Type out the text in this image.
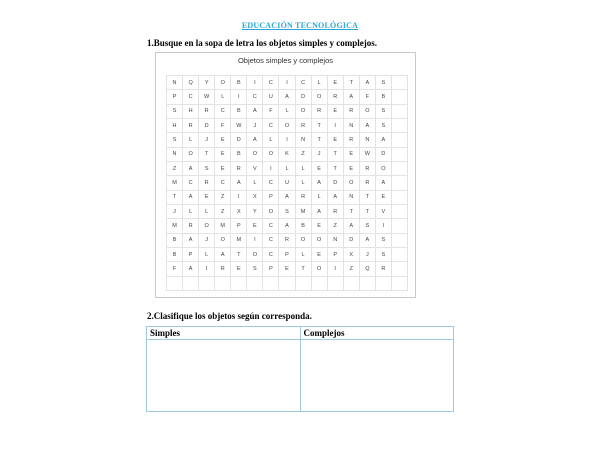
EDUCACIÓN TECNOLÓGICA
1.Busque en la sopa de letra los objetos simples y complejos.
Objetos simples y complejos
N	Q	Y	O	B	I	C	I	C	L	E	T	A	S
P	C	W	L	I	C	U	A	D	O	R	A	F	B
S	H	R	C	B	A	F	L	O	R	E	R	O	S
H	R	D	F	W	J	C	O	R	T	I	N	A	S
S	L	J	E	D	A	L	I	N	T	E	R	N	A
N	O	T	E	B	O	O	K	Z	J	T	E	W	D
Z	A	S	E	R	V	I	L	L	E	T	E	R	O
M	C	R	C	A	L	C	U	L	A	D	O	R	A
T	A	E	Z	I	X	P	A	R	L	A	N	T	E
J	L	L	Z	X	Y	O	S	M	A	R	T	T	V
M	R	O	M	P	E	C	A	B	E	Z	A	S	I
B	A	J	O	M	I	C	R	O	O	N	D	A	S
B	P	L	A	T	O	C	P	L	E	P	X	J	S
F	A	I	R	E	S	P	E	T	O	I	Z	Q	R
2.Clasifique los objetos según corresponda.
Simples	Complejos
